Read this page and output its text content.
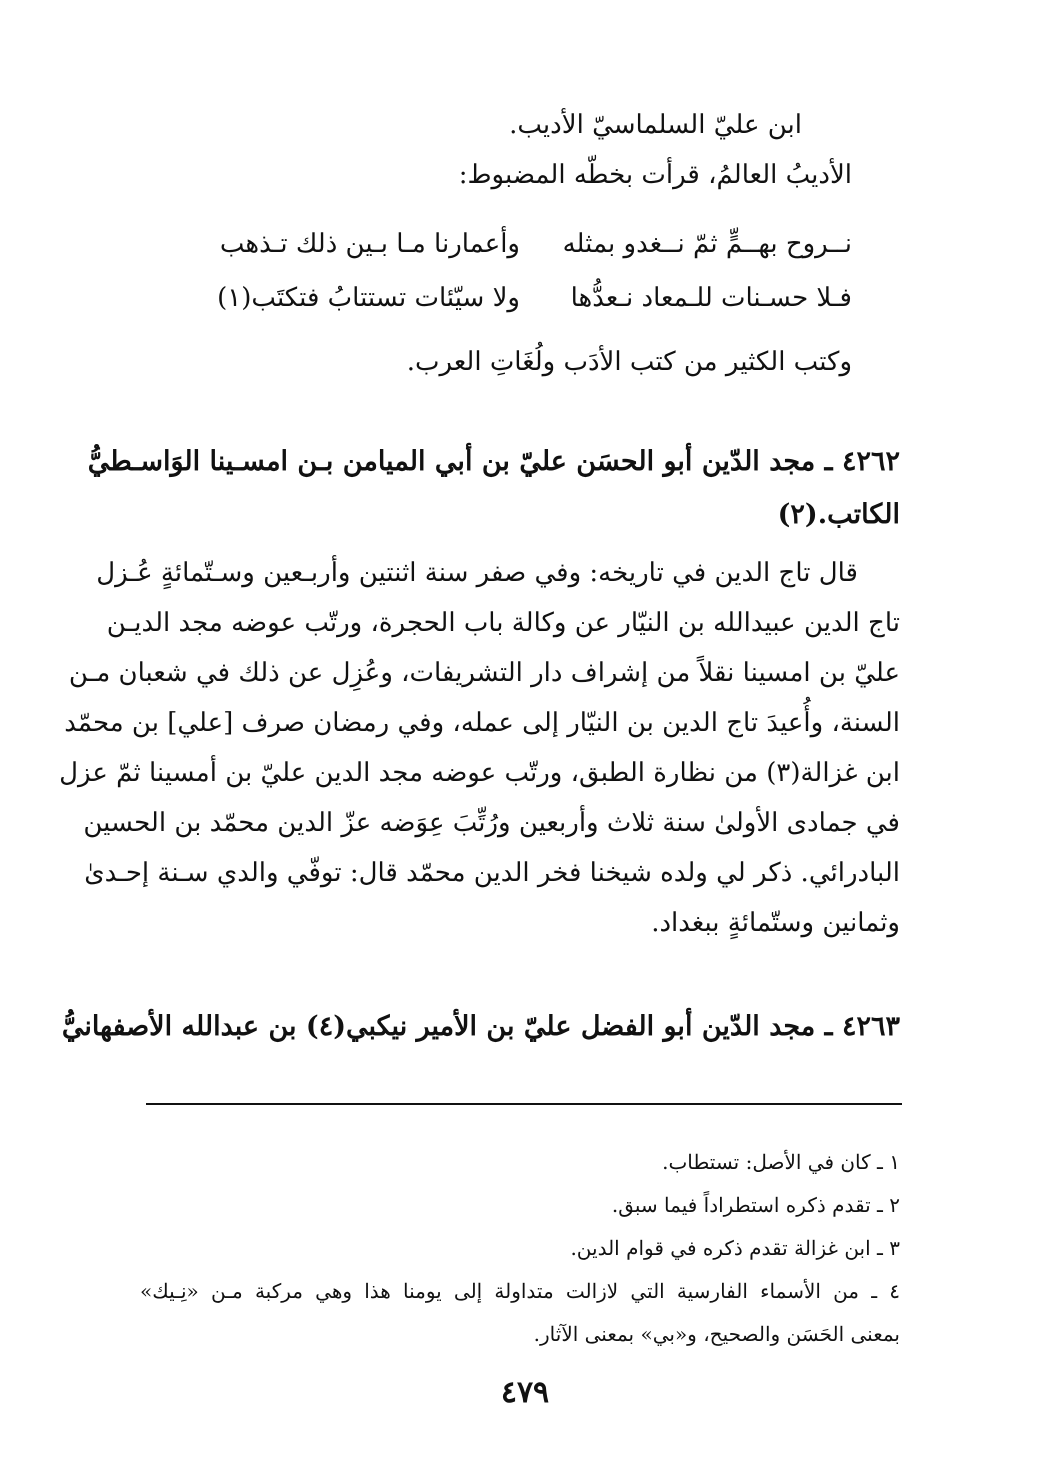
ابن عليّ السلماسيّ الأديب.
الأديبُ العالمُ، قرأت بخطّه المضبوط:
نــروح بهــمٍّ ثمّ نــغدو بمثله
وأعمارنا مـا بـين ذلك تـذهب
فـلا حسـنات للـمعاد نـعدُّها
ولا سيّئات تستتابُ فتكتَب(١)
وكتب الكثير من كتب الأدَب ولُغَاتِ العرب.
٤٢٦٢ ـ مجد الدّين أبو الحسَن عليّ بن أبي الميامن بـن امسـينا الوَاسـطيُّ
الكاتب.(٢)
قال تاج الدين في تاريخه: وفي صفر سنة اثنتين وأربـعين وسـتّمائةٍ عُـزل
تاج الدين عبيدالله بن النيّار عن وكالة باب الحجرة، ورتّب عوضه مجد الديـن
عليّ بن امسينا نقلاً من إشراف دار التشريفات، وعُزِل عن ذلك في شعبان مـن
السنة، وأُعيدَ تاج الدين بن النيّار إلى عمله، وفي رمضان صرف [علي] بن محمّد
ابن غزالة(٣) من نظارة الطبق، ورتّب عوضه مجد الدين عليّ بن أمسينا ثمّ عزل
في جمادى الأولىٰ سنة ثلاث وأربعين ورُتِّبَ عِوَضه عزّ الدين محمّد بن الحسين
البادرائي. ذكر لي ولده شيخنا فخر الدين محمّد قال: توفّي والدي سـنة إحـدىٰ
وثمانين وستّمائةٍ ببغداد.
٤٢٦٣ ـ مجد الدّين أبو الفضل عليّ بن الأمير نيكبي(٤) بن عبدالله الأصفهانيُّ
١ ـ كان في الأصل: تستطاب.
٢ ـ تقدم ذكره استطراداً فيما سبق.
٣ ـ ابن غزالة تقدم ذكره في قوام الدين.
٤ ـ من الأسماء الفارسية التي لازالت متداولة إلى يومنا هذا وهي مركبة مـن «نِـيك»
بمعنى الحَسَن والصحيح، و«بي» بمعنى الآثار.
٤٧٩
